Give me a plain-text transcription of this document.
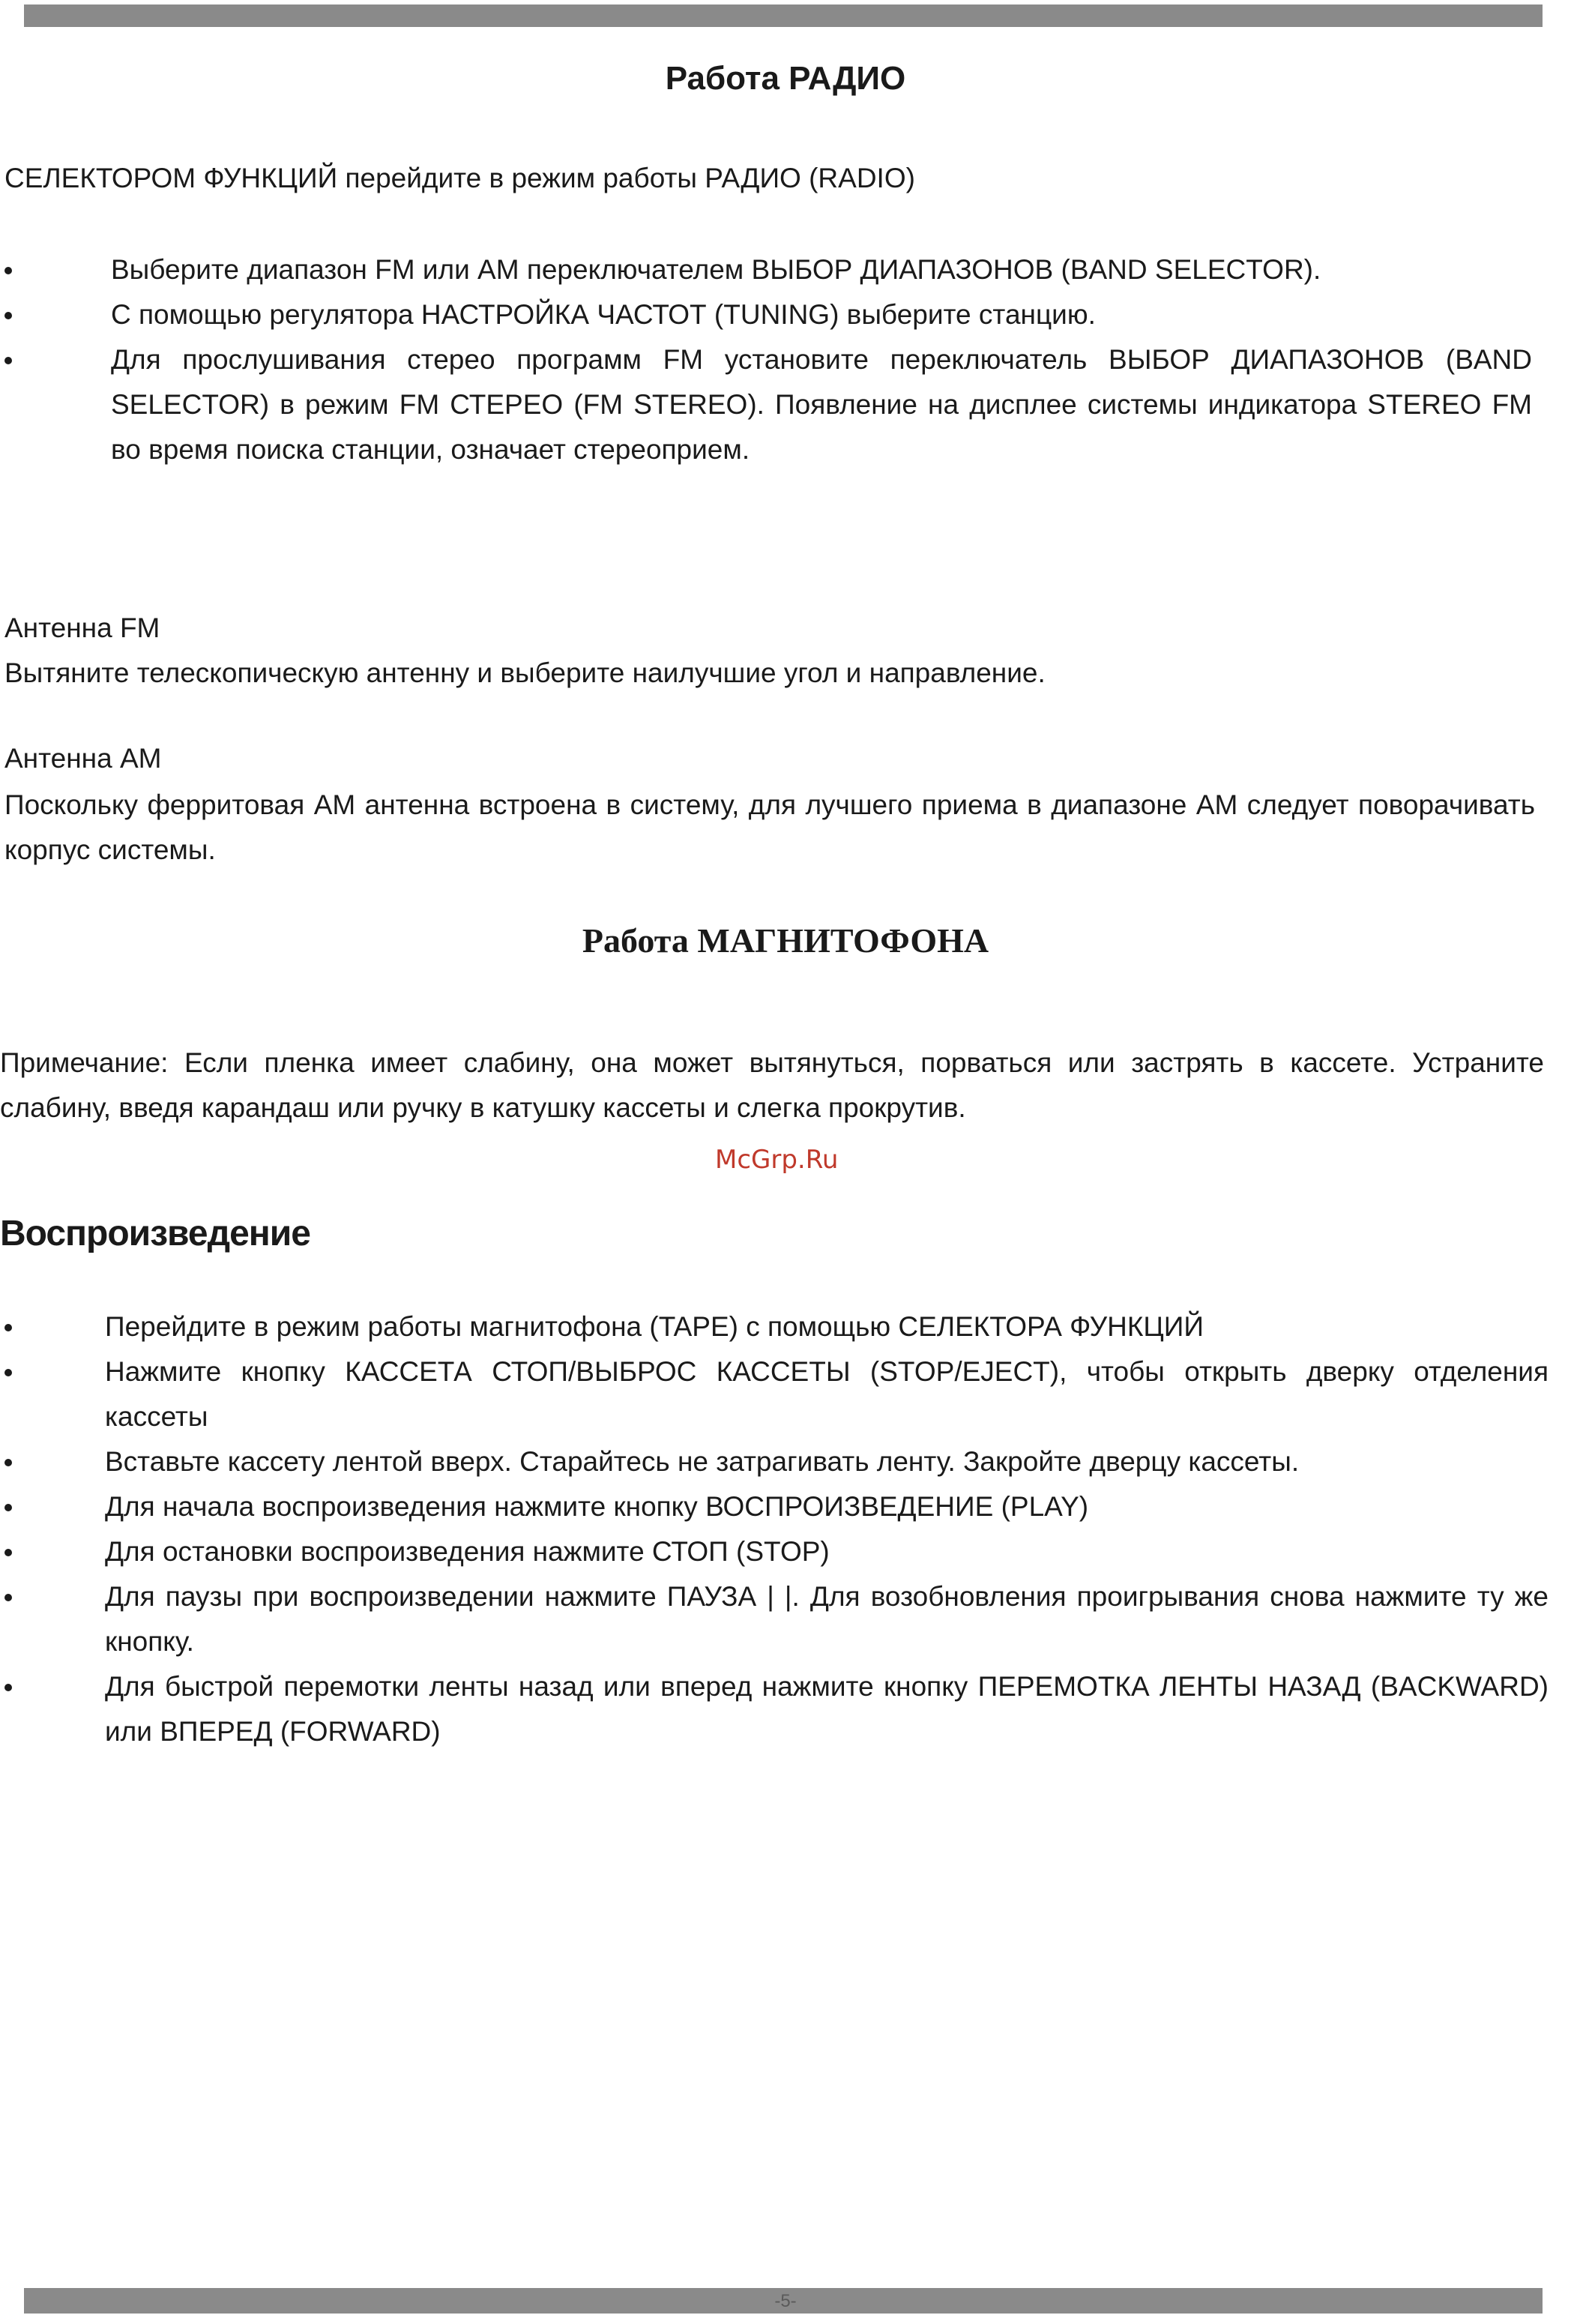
Работа РАДИО

СЕЛЕКТОРОМ ФУНКЦИЙ перейдите в режим работы РАДИО (RADIO)

Выберите диапазон FM или AM переключателем ВЫБОР ДИАПАЗОНОВ (BAND SELECTOR).
С помощью регулятора НАСТРОЙКА ЧАСТОТ (TUNING) выберите станцию.
Для прослушивания стерео программ FM установите переключатель ВЫБОР ДИАПАЗОНОВ (BAND SELECTOR) в режим FM СТЕРЕО (FM STEREO). Появление на дисплее системы индикатора STEREO FM во время поиска станции, означает стереоприем.

Антенна FM

Вытяните телескопическую антенну и выберите наилучшие угол и направление.

Антенна АМ

Поскольку ферритовая AM антенна встроена в систему, для лучшего приема в диапазоне AM следует поворачивать корпус системы.

Работа МАГНИТОФОНА

Примечание: Если пленка имеет слабину, она может вытянуться, порваться или застрять в кассете. Устраните слабину, введя карандаш или ручку в катушку кассеты и слегка прокрутив.

McGrp.Ru
Воспроизведение
Перейдите в режим работы магнитофона (TAPE) с помощью СЕЛЕКТОРА ФУНКЦИЙ
Нажмите кнопку КАССЕТА СТОП/ВЫБРОС КАССЕТЫ (STOP/EJECT), чтобы открыть дверку отделения кассеты
Вставьте кассету лентой вверх. Старайтесь не затрагивать ленту. Закройте дверцу кассеты.
Для начала воспроизведения нажмите кнопку ВОСПРОИЗВЕДЕНИЕ (PLAY)
Для остановки воспроизведения нажмите СТОП (STOP)
Для паузы при воспроизведении нажмите ПАУЗА | |. Для возобновления проигрывания снова нажмите ту же кнопку.
Для быстрой перемотки ленты назад или вперед нажмите кнопку ПЕРЕМОТКА ЛЕНТЫ НАЗАД (BACKWARD) или ВПЕРЕД (FORWARD)
-5-
